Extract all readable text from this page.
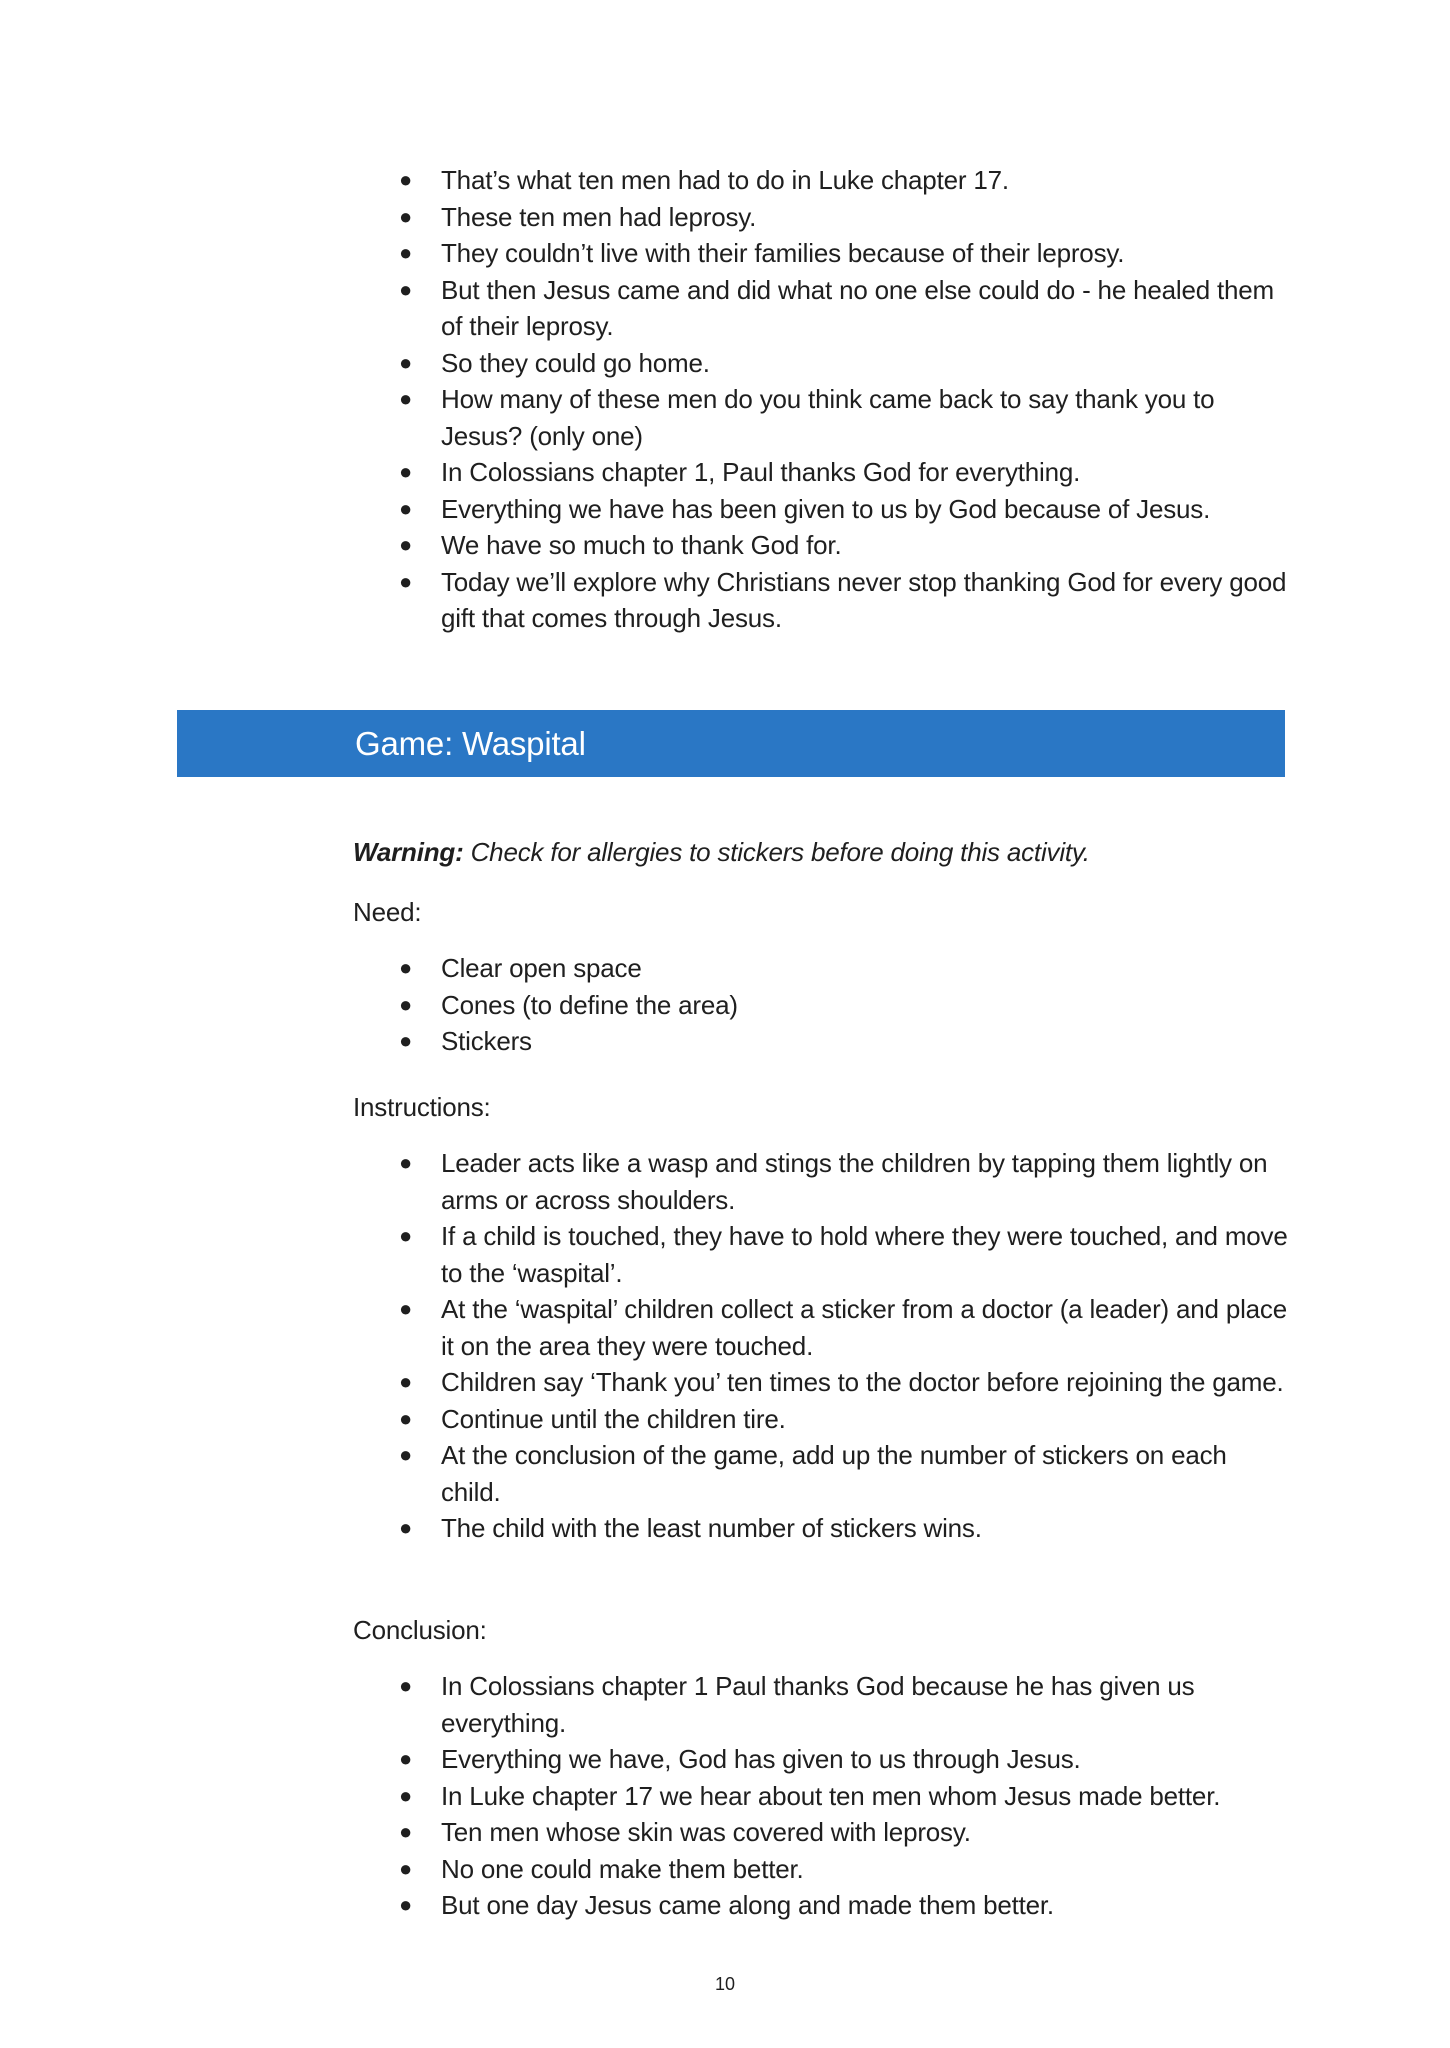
● That’s what ten men had to do in Luke chapter 17.
● These ten men had leprosy.
● They couldn’t live with their families because of their leprosy.
● But then Jesus came and did what no one else could do - he healed them of their leprosy.
● So they could go home.
● How many of these men do you think came back to say thank you to Jesus? (only one)
● In Colossians chapter 1, Paul thanks God for everything.
● Everything we have has been given to us by God because of Jesus.
● We have so much to thank God for.
● Today we’ll explore why Christians never stop thanking God for every good gift that comes through Jesus.
Game: Waspital
Warning: Check for allergies to stickers before doing this activity.
Need:
● Clear open space
● Cones (to define the area)
● Stickers
Instructions:
● Leader acts like a wasp and stings the children by tapping them lightly on arms or across shoulders.
● If a child is touched, they have to hold where they were touched, and move to the ‘waspital’.
● At the ‘waspital’ children collect a sticker from a doctor (a leader) and place it on the area they were touched.
● Children say ‘Thank you’ ten times to the doctor before rejoining the game.
● Continue until the children tire.
● At the conclusion of the game, add up the number of stickers on each child.
● The child with the least number of stickers wins.
Conclusion:
● In Colossians chapter 1 Paul thanks God because he has given us everything.
● Everything we have, God has given to us through Jesus.
● In Luke chapter 17 we hear about ten men whom Jesus made better.
● Ten men whose skin was covered with leprosy.
● No one could make them better.
● But one day Jesus came along and made them better.
10
